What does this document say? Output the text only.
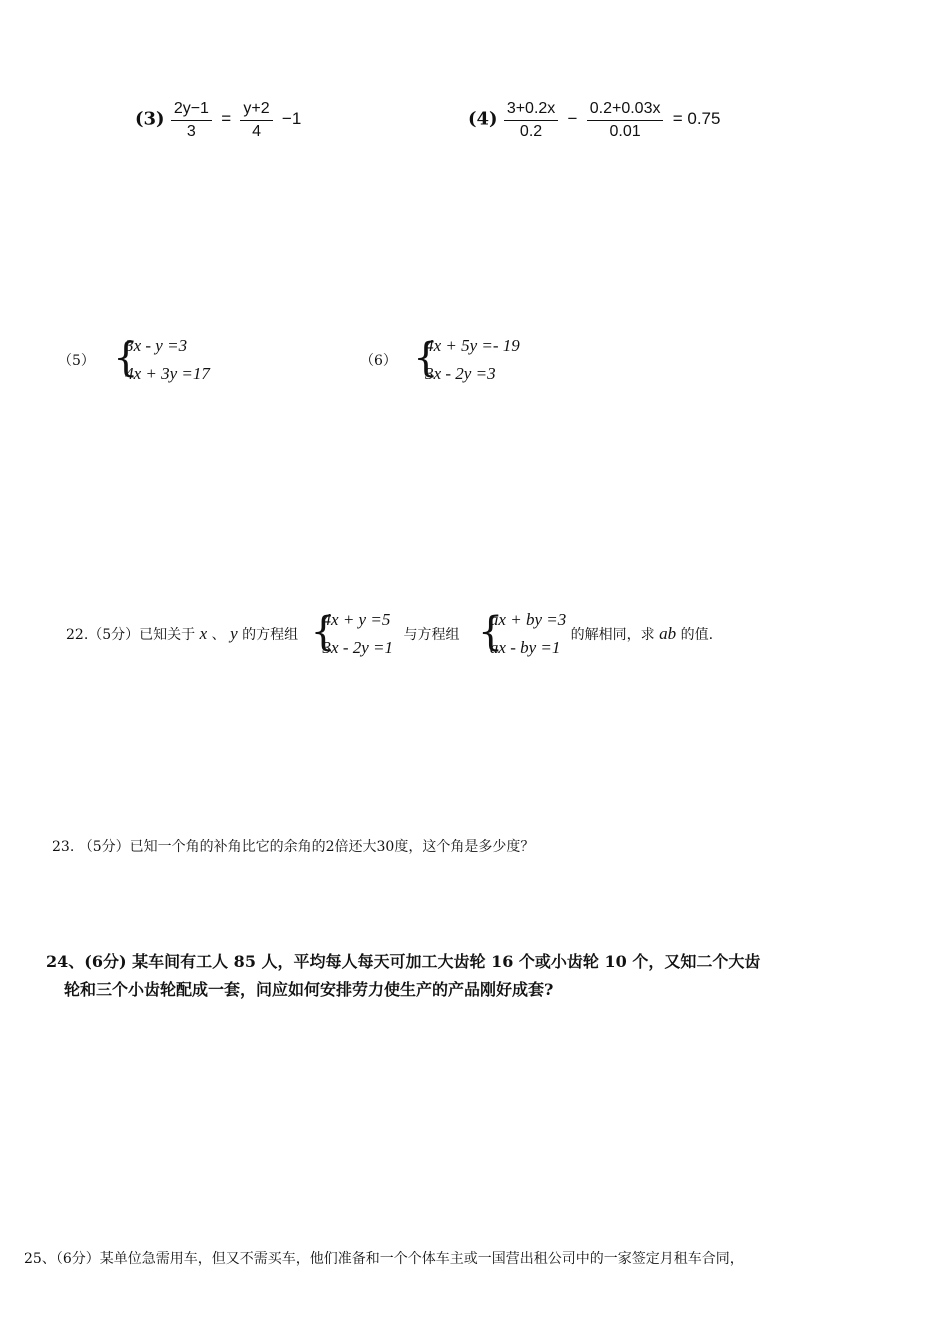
$(3) \frac{2y-1}{3} = \frac{y+2}{4} -1$	$(4) \frac{3+0.2x}{0.2} - \frac{0.2+0.03x}{0.01} = 0.75$
（5） {
3x - y =3
4x + 3y =17
（6） {
4x + 5y =- 19
3x - 2y =3
22.（5分）已知关于 x 、 y 的方程组 {
4x + y =5
3x - 2y =1
与方程组 {
ax + by =3
ax - by =1
的解相同，求 ab 的值.
23. （5分）已知一个角的补角比它的余角的2倍还大30度，这个角是多少度？
24、(6分) 某车间有工人 85 人，平均每人每天可加工大齿轮 16 个或小齿轮 10 个，又知二个大齿
轮和三个小齿轮配成一套，问应如何安排劳力使生产的产品刚好成套?
25、（6分）某单位急需用车，但又不需买车，他们准备和一个个体车主或一国营出租公司中的一家签定月租车合同，
